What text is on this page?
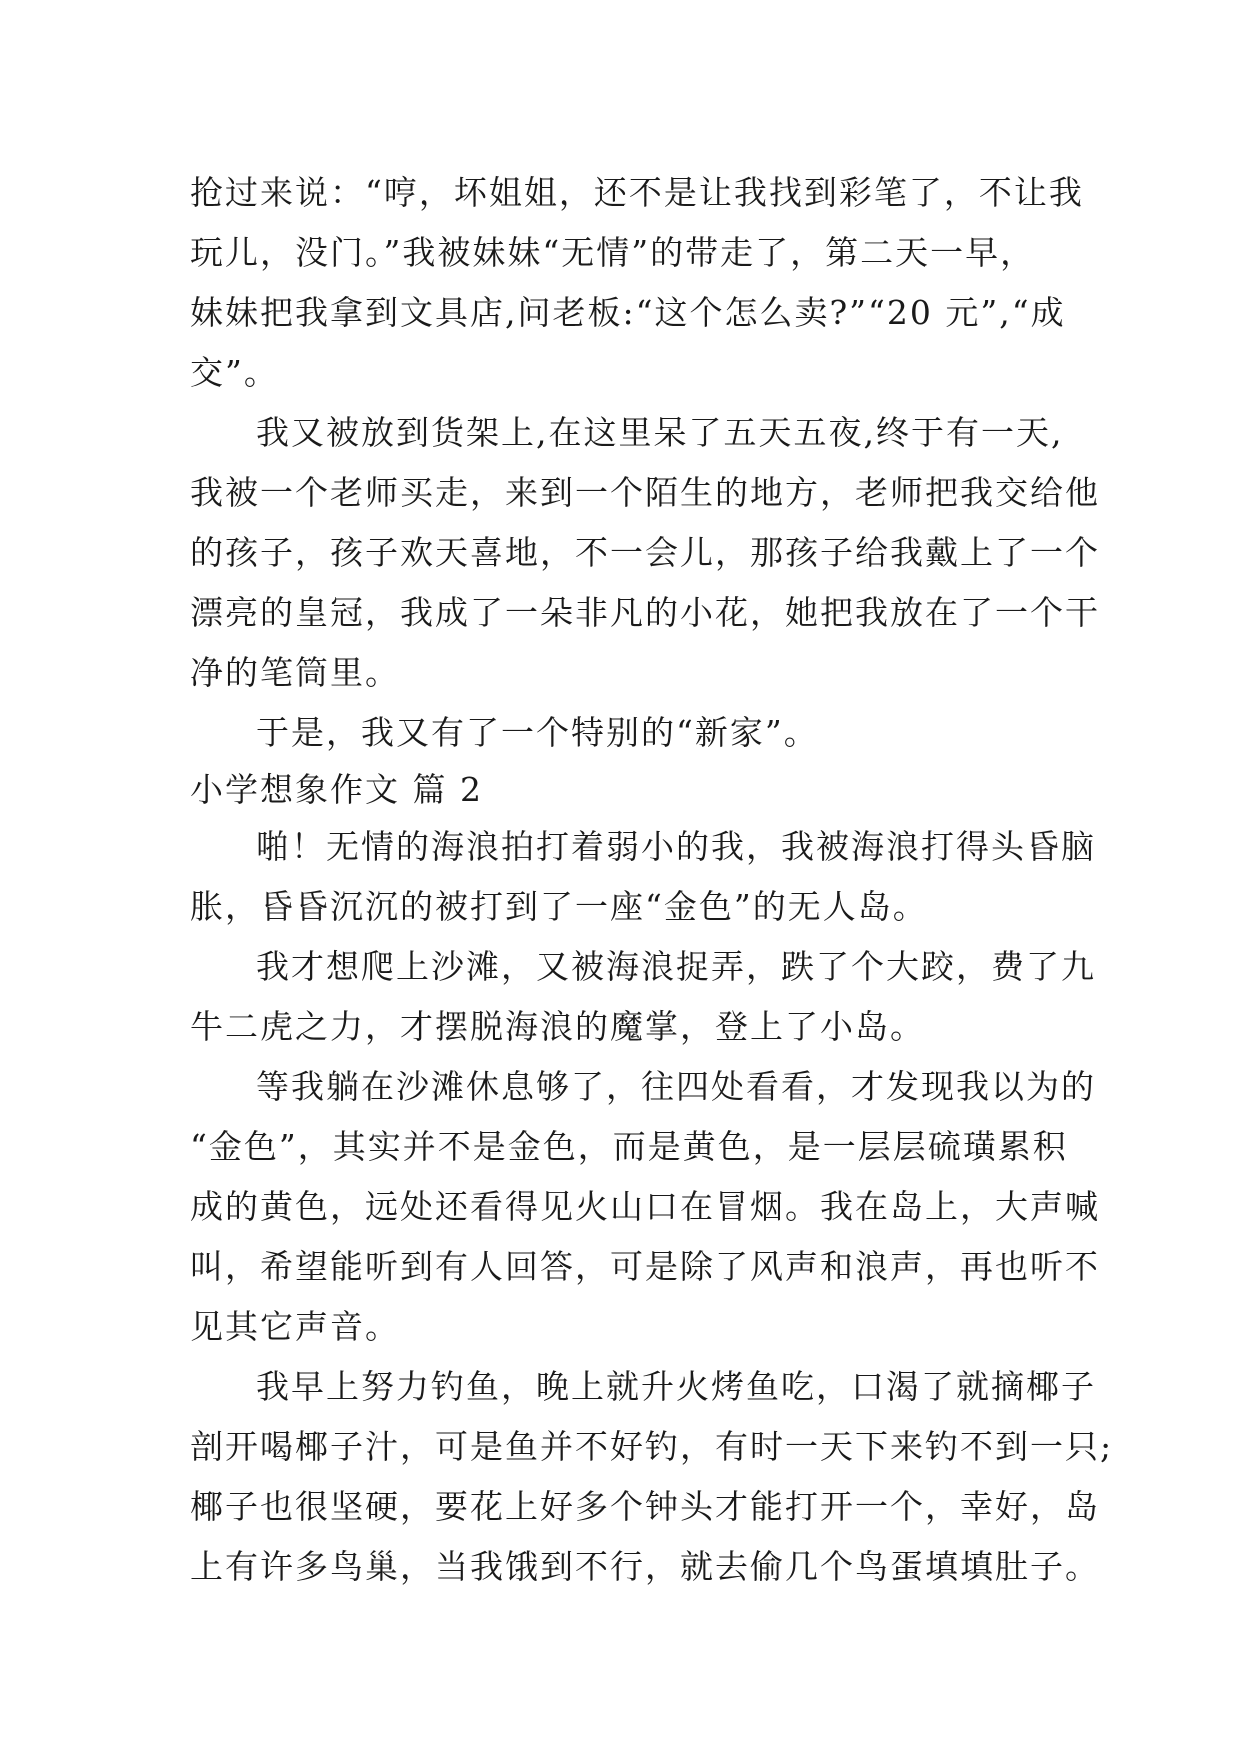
抢过来说：“哼，坏姐姐，还不是让我找到彩笔了，不让我
玩儿，没门。”我被妹妹“无情”的带走了，第二天一早，
妹妹把我拿到文具店,问老板:“这个怎么卖?”“20 元”,“成
交”。
我又被放到货架上,在这里呆了五天五夜,终于有一天,
我被一个老师买走，来到一个陌生的地方，老师把我交给他
的孩子，孩子欢天喜地，不一会儿，那孩子给我戴上了一个
漂亮的皇冠，我成了一朵非凡的小花，她把我放在了一个干
净的笔筒里。
于是，我又有了一个特别的“新家”。
小学想象作文 篇 2
啪！无情的海浪拍打着弱小的我，我被海浪打得头昏脑
胀，昏昏沉沉的被打到了一座“金色”的无人岛。
我才想爬上沙滩，又被海浪捉弄，跌了个大跤，费了九
牛二虎之力，才摆脱海浪的魔掌，登上了小岛。
等我躺在沙滩休息够了，往四处看看，才发现我以为的
“金色”，其实并不是金色，而是黄色，是一层层硫璜累积
成的黄色，远处还看得见火山口在冒烟。我在岛上，大声喊
叫，希望能听到有人回答，可是除了风声和浪声，再也听不
见其它声音。
我早上努力钓鱼，晚上就升火烤鱼吃，口渴了就摘椰子
剖开喝椰子汁，可是鱼并不好钓，有时一天下来钓不到一只;
椰子也很坚硬，要花上好多个钟头才能打开一个，幸好，岛
上有许多鸟巢，当我饿到不行，就去偷几个鸟蛋填填肚子。
